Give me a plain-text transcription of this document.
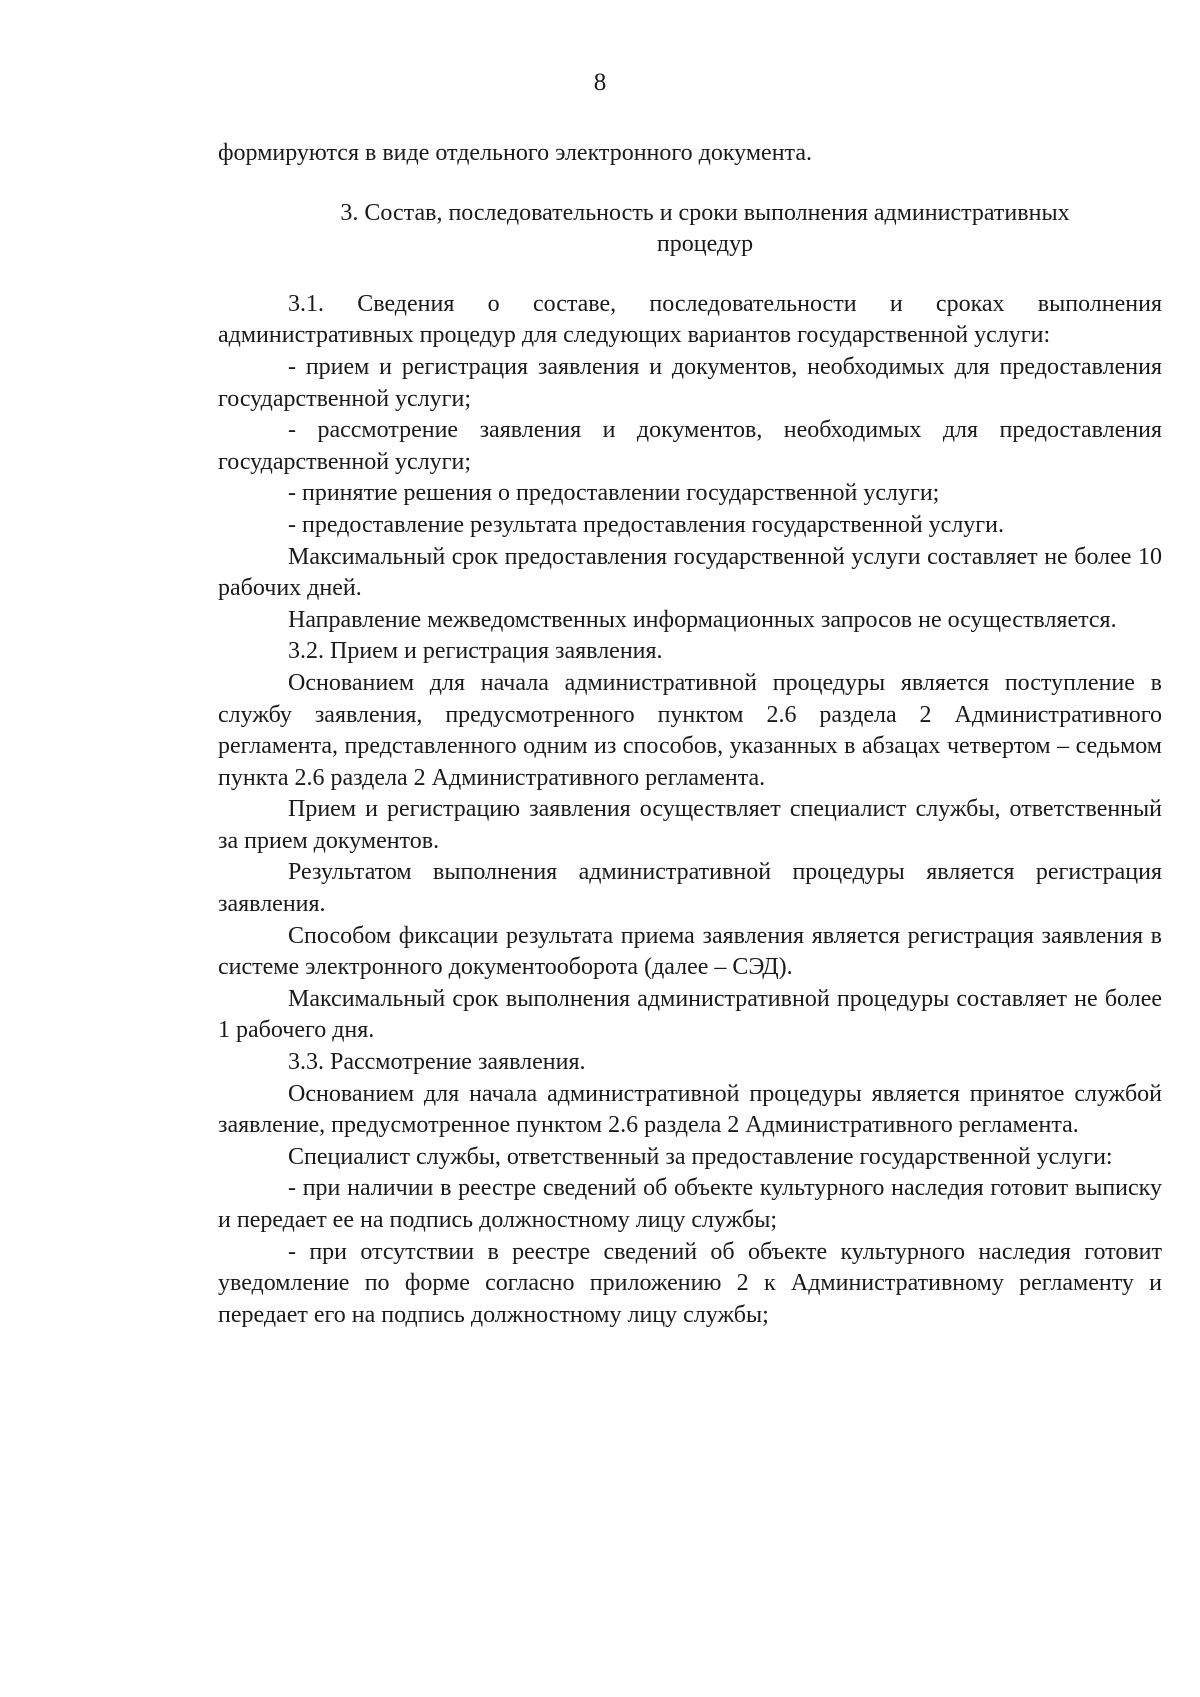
8

формируются в виде отдельного электронного документа.

3. Состав, последовательность и сроки выполнения административных
процедур

3.1. Сведения о составе, последовательности и сроках выполнения административных процедур для следующих вариантов государственной услуги:

- прием и регистрация заявления и документов, необходимых для предоставления государственной услуги;

- рассмотрение заявления и документов, необходимых для предоставления государственной услуги;

- принятие решения о предоставлении государственной услуги;

- предоставление результата предоставления государственной услуги.

Максимальный срок предоставления государственной услуги составляет не более 10 рабочих дней.

Направление межведомственных информационных запросов не осуществляется.

3.2. Прием и регистрация заявления.

Основанием для начала административной процедуры является поступление в службу заявления, предусмотренного пунктом 2.6 раздела 2 Административного регламента, представленного одним из способов, указанных в абзацах четвертом – седьмом пункта 2.6 раздела 2 Административного регламента.

Прием и регистрацию заявления осуществляет специалист службы, ответственный за прием документов.

Результатом выполнения административной процедуры является регистрация заявления.

Способом фиксации результата приема заявления является регистрация заявления в системе электронного документооборота (далее – СЭД).

Максимальный срок выполнения административной процедуры составляет не более 1 рабочего дня.

3.3. Рассмотрение заявления.

Основанием для начала административной процедуры является принятое службой заявление, предусмотренное пунктом 2.6 раздела 2 Административного регламента.

Специалист службы, ответственный за предоставление государственной услуги:

- при наличии в реестре сведений об объекте культурного наследия готовит выписку и передает ее на подпись должностному лицу службы;

- при отсутствии в реестре сведений об объекте культурного наследия готовит уведомление по форме согласно приложению 2 к Административному регламенту и передает его на подпись должностному лицу службы;
